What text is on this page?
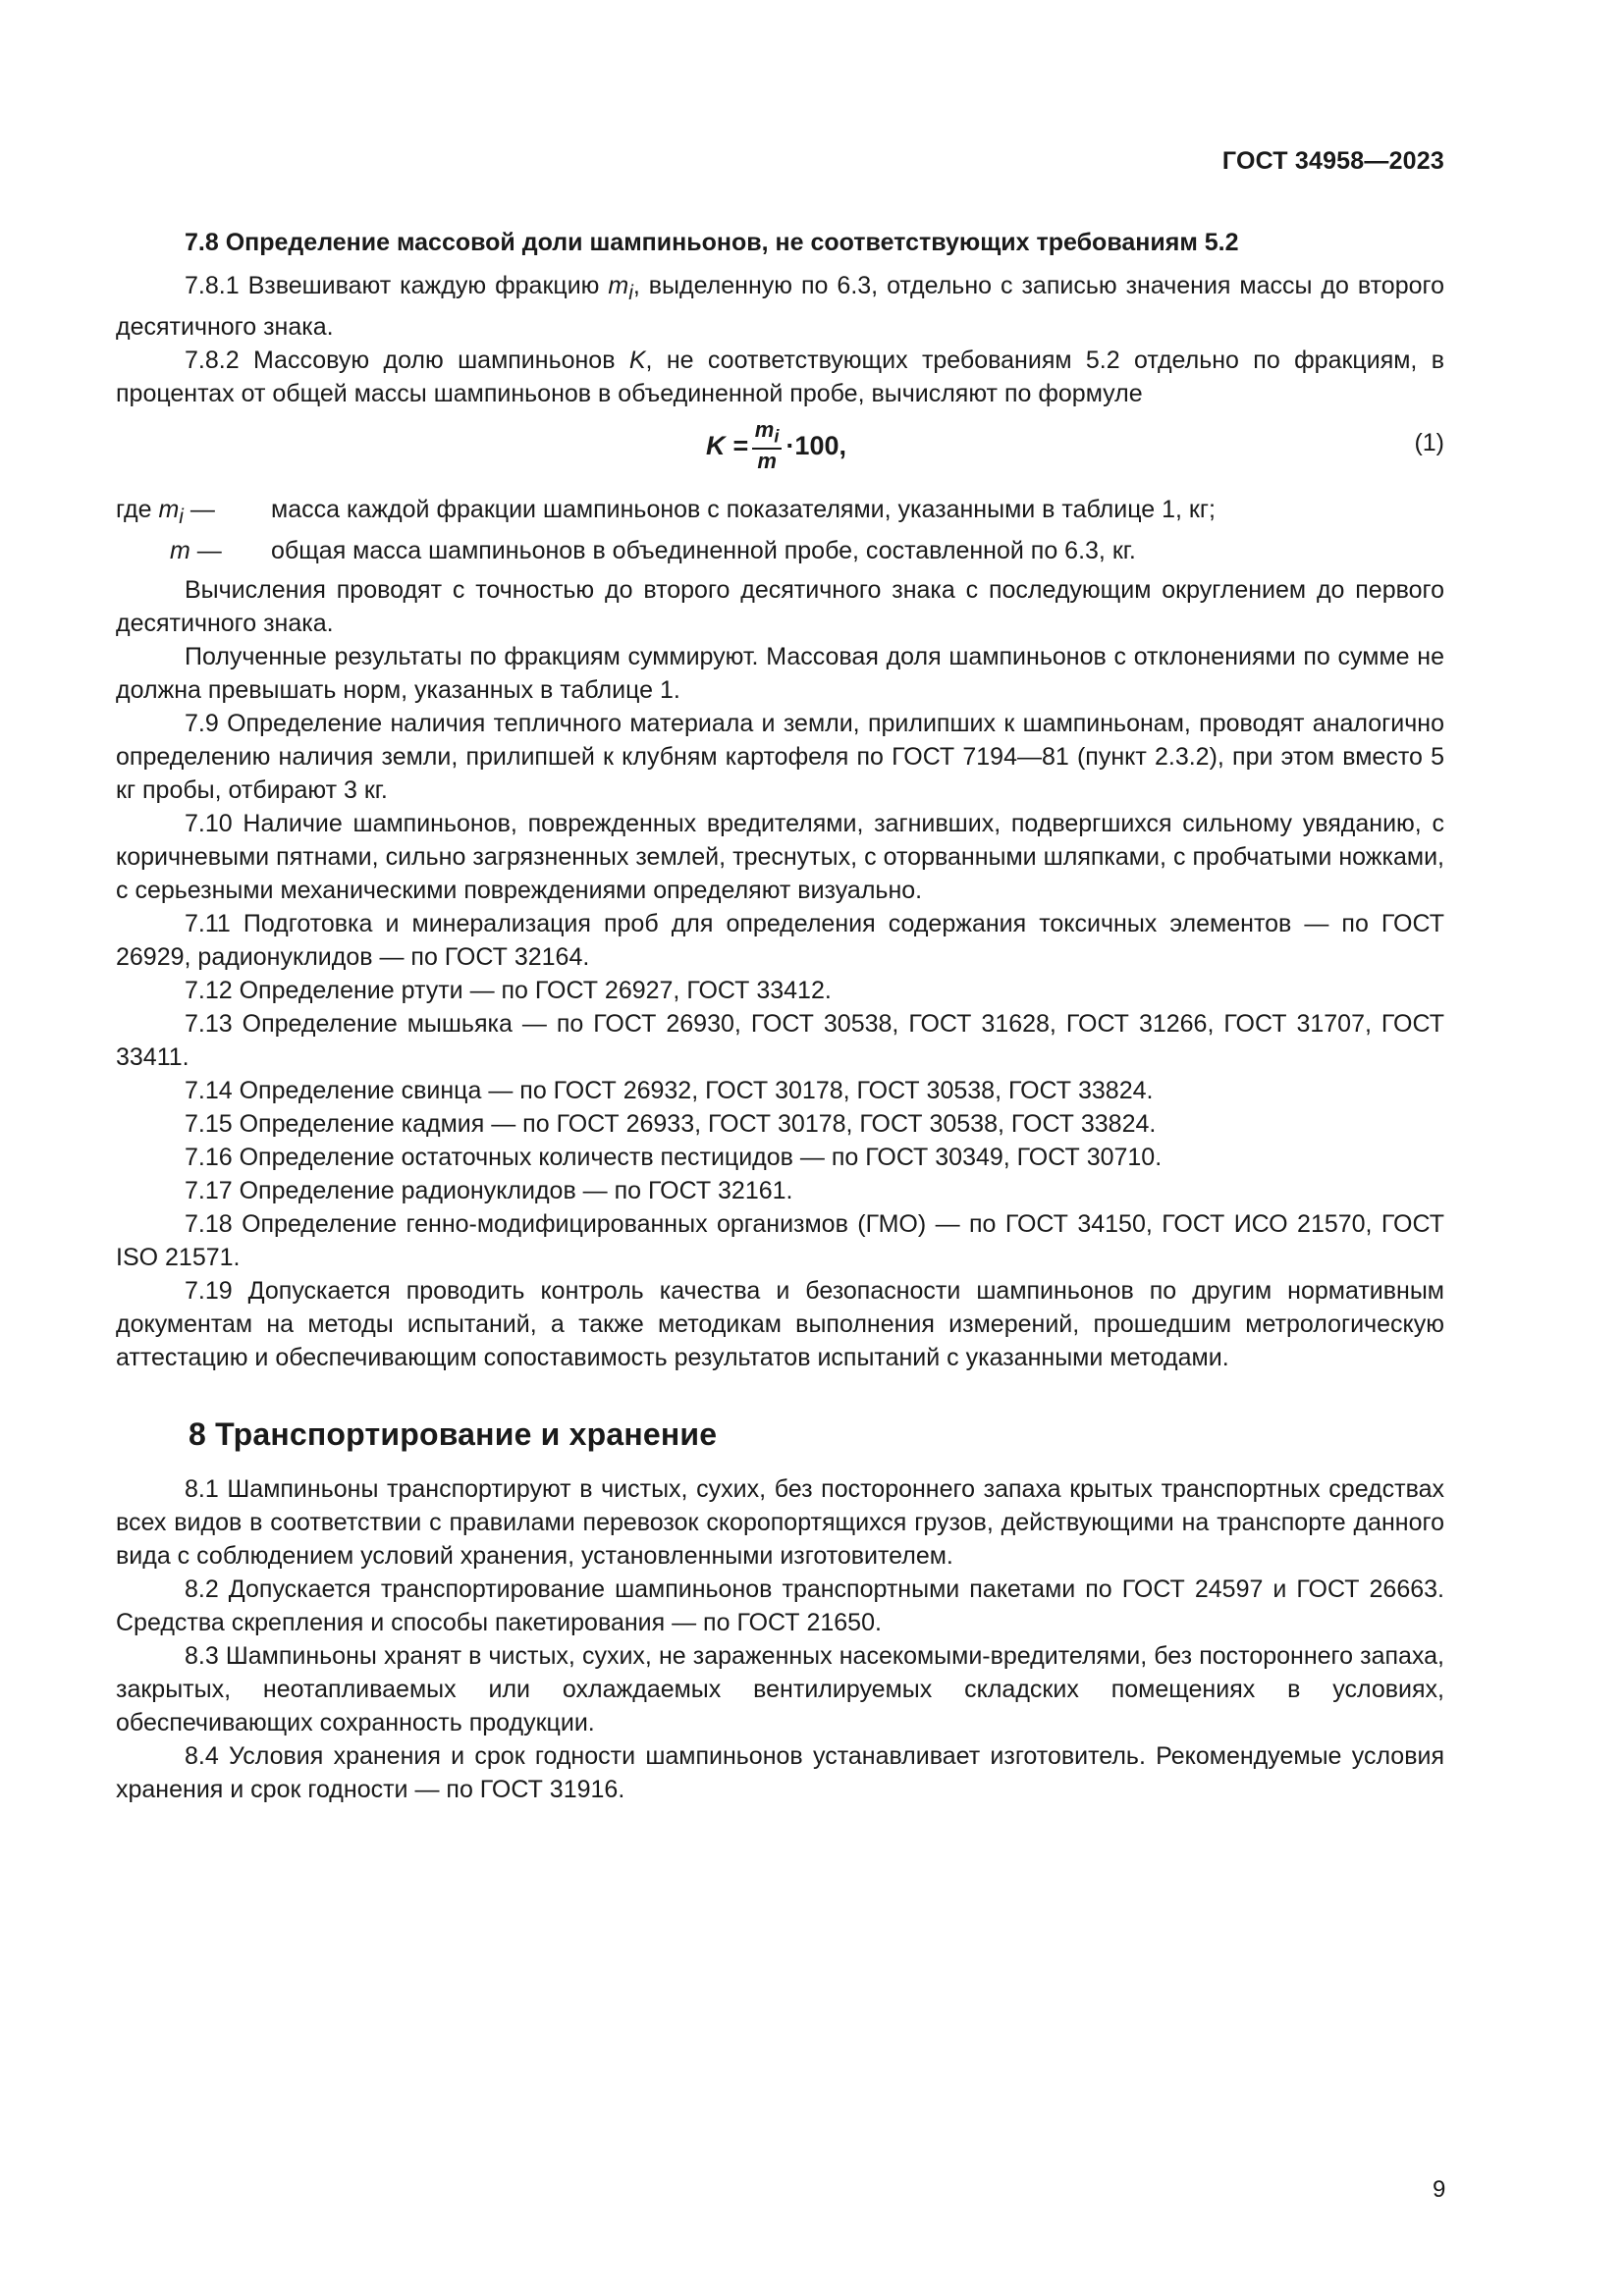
ГОСТ 34958—2023
7.8 Определение массовой доли шампиньонов, не соответствующих требованиям 5.2

7.8.1 Взвешивают каждую фракцию $m_i$, выделенную по 6.3, отдельно с записью значения массы до второго десятичного знака.

7.8.2 Массовую долю шампиньонов K, не соответствующих требованиям 5.2 отдельно по фракциям, в процентах от общей массы шампиньонов в объединенной пробе, вычисляют по формуле

$K = \frac{m_i}{m} \cdot 100$,	(1)
где $m_i$ —	масса каждой фракции шампиньонов с показателями, указанными в таблице 1, кг;
m —	общая масса шампиньонов в объединенной пробе, составленной по 6.3, кг.

Вычисления проводят с точностью до второго десятичного знака с последующим округлением до первого десятичного знака.

Полученные результаты по фракциям суммируют. Массовая доля шампиньонов с отклонениями по сумме не должна превышать норм, указанных в таблице 1.

7.9 Определение наличия тепличного материала и земли, прилипших к шампиньонам, проводят аналогично определению наличия земли, прилипшей к клубням картофеля по ГОСТ 7194—81 (пункт 2.3.2), при этом вместо 5 кг пробы, отбирают 3 кг.

7.10 Наличие шампиньонов, поврежденных вредителями, загнивших, подвергшихся сильному увяданию, с коричневыми пятнами, сильно загрязненных землей, треснутых, с оторванными шляпками, с пробчатыми ножками, с серьезными механическими повреждениями определяют визуально.

7.11 Подготовка и минерализация проб для определения содержания токсичных элементов — по ГОСТ 26929, радионуклидов — по ГОСТ 32164.

7.12 Определение ртути — по ГОСТ 26927, ГОСТ 33412.

7.13 Определение мышьяка — по ГОСТ 26930, ГОСТ 30538, ГОСТ 31628, ГОСТ 31266, ГОСТ 31707, ГОСТ 33411.

7.14 Определение свинца — по ГОСТ 26932, ГОСТ 30178, ГОСТ 30538, ГОСТ 33824.

7.15 Определение кадмия — по ГОСТ 26933, ГОСТ 30178, ГОСТ 30538, ГОСТ 33824.

7.16 Определение остаточных количеств пестицидов — по ГОСТ 30349, ГОСТ 30710.

7.17 Определение радионуклидов — по ГОСТ 32161.

7.18 Определение генно-модифицированных организмов (ГМО) — по ГОСТ 34150, ГОСТ ИСО 21570, ГОСТ ISO 21571.

7.19 Допускается проводить контроль качества и безопасности шампиньонов по другим нормативным документам на методы испытаний, а также методикам выполнения измерений, прошедшим метрологическую аттестацию и обеспечивающим сопоставимость результатов испытаний с указанными методами.

8 Транспортирование и хранение

8.1 Шампиньоны транспортируют в чистых, сухих, без постороннего запаха крытых транспортных средствах всех видов в соответствии с правилами перевозок скоропортящихся грузов, действующими на транспорте данного вида с соблюдением условий хранения, установленными изготовителем.

8.2 Допускается транспортирование шампиньонов транспортными пакетами по ГОСТ 24597 и ГОСТ 26663. Средства скрепления и способы пакетирования — по ГОСТ 21650.

8.3 Шампиньоны хранят в чистых, сухих, не зараженных насекомыми-вредителями, без постороннего запаха, закрытых, неотапливаемых или охлаждаемых вентилируемых складских помещениях в условиях, обеспечивающих сохранность продукции.

8.4 Условия хранения и срок годности шампиньонов устанавливает изготовитель. Рекомендуемые условия хранения и срок годности — по ГОСТ 31916.

9
